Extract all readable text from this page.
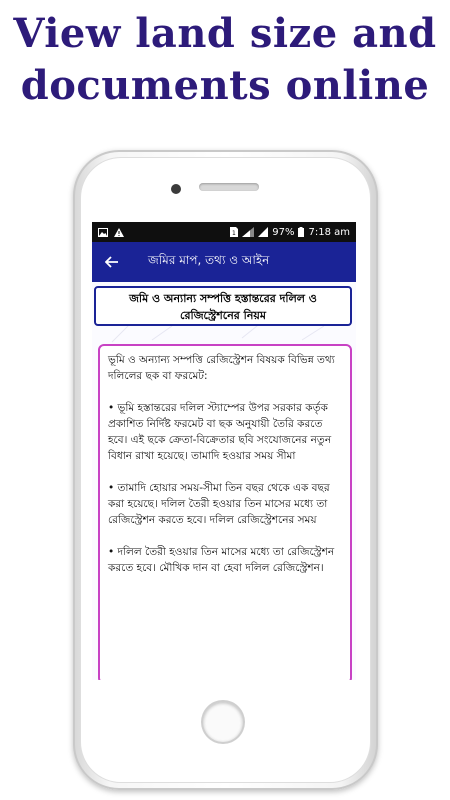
View land size and
documents online
1	97% 7:18 am
জমির মাপ, তথ্য ও আইন
জমি ও অন্যান্য সম্পত্তি হস্তান্তরের দলিল ও রেজিস্ট্রেশনের নিয়ম

ভূমি ও অন্যান্য সম্পত্তি রেজিস্ট্রেশন বিষয়ক বিভিন্ন তথ্য দলিলের ছক বা ফরমেট:

• ভূমি হস্তান্তরের দলিল স্ট্যাম্পের উপর সরকার কর্তৃক প্রকাশিত নির্দিষ্ট ফরমেট বা ছক অনুযায়ী তৈরি করতে হবে। এই ছকে ক্রেতা-বিক্রেতার ছবি সংযোজনের নতুন বিধান রাখা হয়েছে। তামাদি হওয়ার সময় সীমা

• তামাদি হোয়ার সময়-সীমা তিন বছর থেকে এক বছর করা হয়েছে। দলিল তৈরী হওয়ার তিন মাসের মধ্যে তা রেজিস্ট্রেশন করতে হবে। দলিল রেজিস্ট্রেশনের সময়

• দলিল তৈরী হওয়ার তিন মাসের মধ্যে তা রেজিস্ট্রেশন করতে হবে। মৌখিক দান বা হেবা দলিল রেজিস্ট্রেশন।
